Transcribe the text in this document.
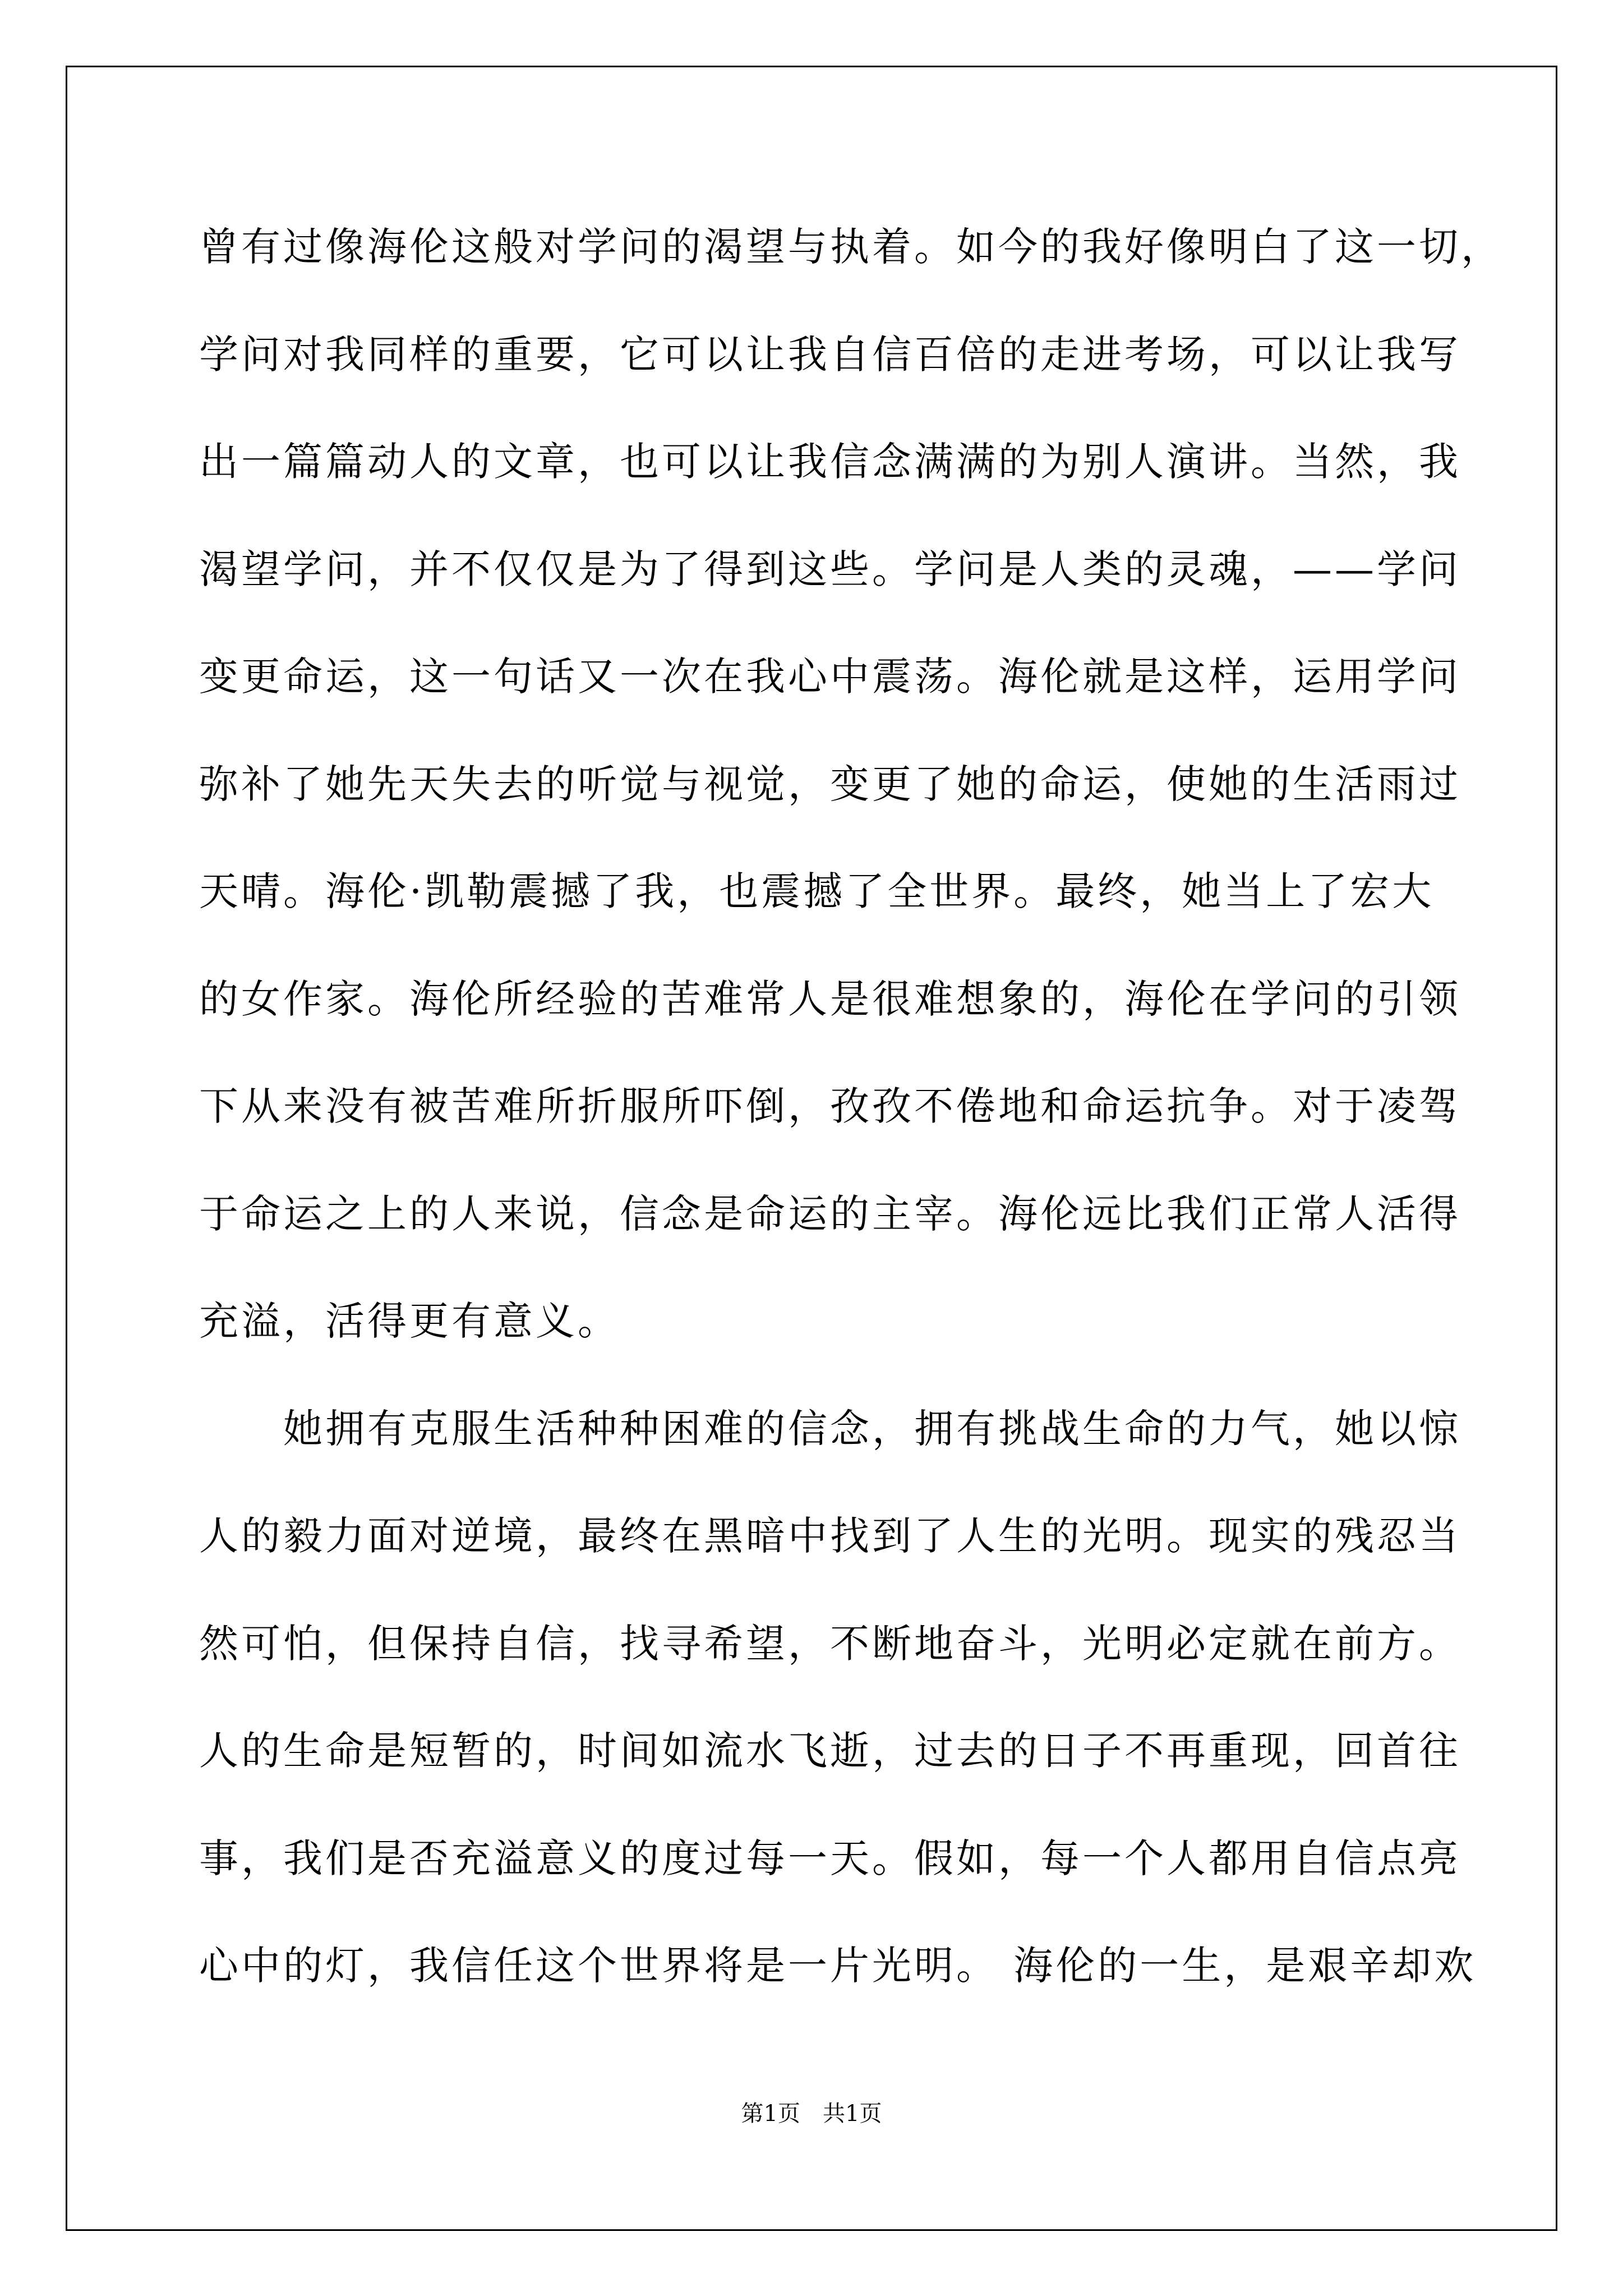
曾有过像海伦这般对学问的渴望与执着。如今的我好像明白了这一切，
学问对我同样的重要，它可以让我自信百倍的走进考场，可以让我写
出一篇篇动人的文章，也可以让我信念满满的为别人演讲。当然，我
渴望学问，并不仅仅是为了得到这些。学问是人类的灵魂，——学问
变更命运，这一句话又一次在我心中震荡。海伦就是这样，运用学问
弥补了她先天失去的听觉与视觉，变更了她的命运，使她的生活雨过
天晴。海伦·凯勒震撼了我，也震撼了全世界。最终，她当上了宏大
的女作家。海伦所经验的苦难常人是很难想象的，海伦在学问的引领
下从来没有被苦难所折服所吓倒，孜孜不倦地和命运抗争。对于凌驾
于命运之上的人来说，信念是命运的主宰。海伦远比我们正常人活得
充溢，活得更有意义。
她拥有克服生活种种困难的信念，拥有挑战生命的力气，她以惊
人的毅力面对逆境，最终在黑暗中找到了人生的光明。现实的残忍当
然可怕，但保持自信，找寻希望，不断地奋斗，光明必定就在前方。
人的生命是短暂的，时间如流水飞逝，过去的日子不再重现，回首往
事，我们是否充溢意义的度过每一天。假如，每一个人都用自信点亮
心中的灯，我信任这个世界将是一片光明。 海伦的一生，是艰辛却欢
第1页　共1页
